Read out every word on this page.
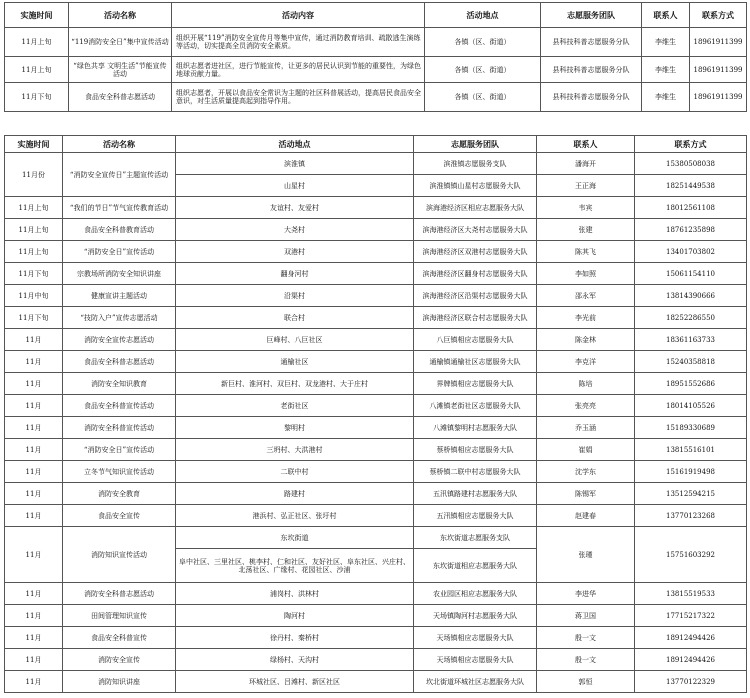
实施时间	活动名称	活动内容	活动地点	志愿服务团队	联系人	联系方式
11月上旬	“119消防安全日”集中宣传活动	组织开展“119”消防安全宣传月等集中宣传，通过消防教育培训、疏散逃生演练等活动，切实提高全员消防安全素质。	各镇（区、街道）	县科技科普志愿服务分队	李维生	18961911399
11月上旬	“绿色共享 文明生活”节能宣传活动	组织志愿者进社区，进行节能宣传，让更多的居民认识到节能的重要性，为绿色地球贡献力量。	各镇（区、街道）	县科技科普志愿服务分队	李维生	18961911399
11月下旬	食品安全科普志愿活动	组织志愿者，开展以食品安全常识为主题的社区科普展活动，提高居民食品安全意识，对生活质量提高起到指导作用。	各镇（区、街道）	县科技科普志愿服务分队	李维生	18961911399
实施时间	活动名称	活动地点	志愿服务团队	联系人	联系方式
11月份	“消防安全宣传日”主题宣传活动	滨淮镇	滨淮镇志愿服务支队	潘海开	15380508038
		山星村	滨淮镇镇山星村志愿服务大队	王正海	18251449538
11月上旬	“我们的节日”节气宣传教育活动	友谊村、友爱村	滨海港经济区相应志愿服务大队	韦宾	18012561108
11月上旬	食品安全科普教育活动	大尧村	滨海港经济区大尧村志愿服务大队	张建	18761235898
11月上旬	“消防安全日”宣传活动	双港村	滨海港经济区双港村志愿服务大队	陈其飞	13401703802
11月下旬	宗教场所消防安全知识讲座	翻身河村	滨海港经济区翻身村志愿服务大队	李如照	15061154110
11月中旬	健康宣讲主题活动	沿渠村	滨海港经济区沿渠村志愿服务大队	邵永军	13814390666
11月下旬	“技防入户”宣传志愿活动	联合村	滨海港经济区联合村志愿服务大队	李光前	18252286550
11月	消防安全宣传志愿活动	巨峰村、八巨社区	八巨镇相应志愿服务大队	陈金林	18361163733
11月	食品安全科普志愿活动	通榆社区	通榆镇通榆社区志愿服务大队	李克洋	15240358818
11月	消防安全知识教育	新巨村、淮河村、双巨村、双龙港村、大于庄村	界牌镇相应志愿服务大队	陈培	18951552686
11月	食品安全科普宣传活动	老街社区	八滩镇老街社区志愿服务大队	张亮亮	18014105526
11月	消防安全科普宣传活动	黎明村	八滩镇黎明村志愿服务大队	乔玉涵	15189330689
11月	“消防安全日”宣传活动	三坍村、大洪港村	蔡桥镇相应志愿服务大队	崔娟	13815516101
11月	立冬节气知识宣传活动	二联中村	蔡桥镇二联中村志愿服务大队	沈学东	15161919498
11月	消防安全教育	路建村	五汛镇路建村志愿服务大队	陈锡军	13512594215
11月	食品安全宣传	港浜村、弘正社区、张圩村	五汛镇相应志愿服务大队	赵建春	13770123268
11月	消防知识宣传活动	东坎街道	东坎街道志愿服务支队	张瑾	15751603292
		阜中社区、三里社区、桃李村、仁和社区、友好社区、阜东社区、兴庄村、北荡社区、广缘村、花园社区、沙浦	东坎街道相应志愿服务大队		
11月	消防安全科普志愿活动	浦岗村、洪林村	农业园区相应志愿服务大队	李进华	13815519533
11月	田间管理知识宣传	陶河村	天场镇陶河村志愿服务大队	蒋卫国	17715217322
11月	食品安全科普宣传	徐丹村、秦桥村	天场镇相应志愿服务大队	殷一文	18912494426
11月	消防安全宣传	绿杨村、天沟村	天场镇相应志愿服务大队	殷一文	18912494426
11月	消防知识讲座	环城社区、吕滩村、新区社区	坎北街道环城社区志愿服务大队	郭恒	13770122329
